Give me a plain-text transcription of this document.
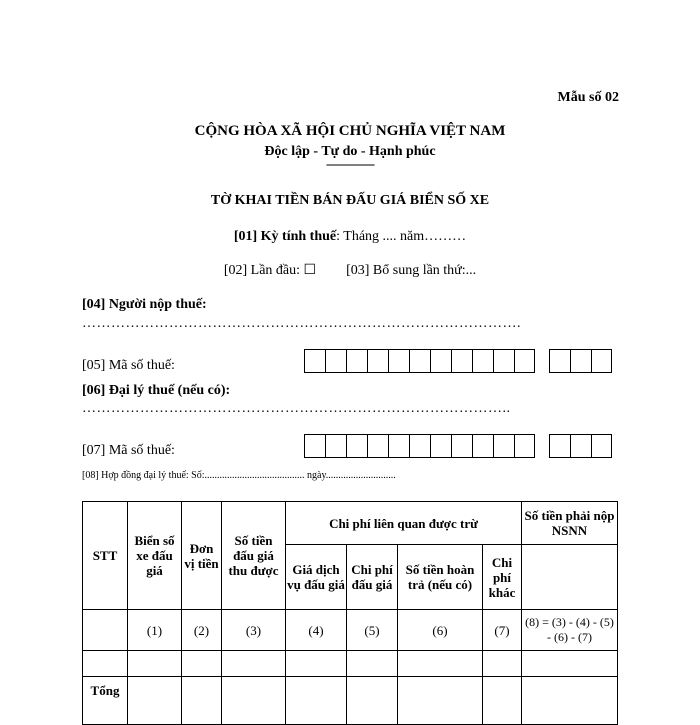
Mẫu số 02
CỘNG HÒA XÃ HỘI CHỦ NGHĨA VIỆT NAM
Độc lập - Tự do - Hạnh phúc
----------------
TỜ KHAI TIỀN BÁN ĐẤU GIÁ BIỂN SỐ XE
[01] Kỳ tính thuế: Tháng .... năm………
[02] Lần đầu: ☐ [03] Bổ sung lần thứ:...
[04] Người nộp thuế:
……………………………………………………………………………….
[05] Mã số thuế:
[06] Đại lý thuế (nếu có):
……………………………………………………………………………..
[07] Mã số thuế:
[08] Hợp đồng đại lý thuế: Số:........................................ ngày............................
STT	Biển số xe đấu giá	Đơn vị tiền	Số tiền đấu giá thu được	Chi phí liên quan được trừ				Số tiền phải nộp NSNN
				Giá dịch vụ đấu giá	Chi phí đấu giá	Số tiền hoàn trả (nếu có)	Chi phí khác	
	(1)	(2)	(3)	(4)	(5)	(6)	(7)	(8) = (3) - (4) - (5) - (6) - (7)

Tổng								
